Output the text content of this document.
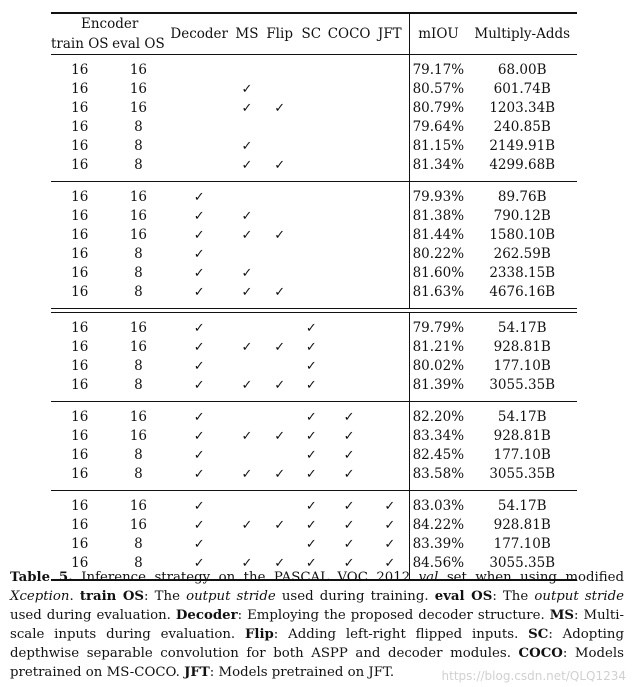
Encoder		Decoder	MS	Flip	SC	COCO	JFT	mIOU	Multiply-Adds
train OS	eval OS								

16	16							79.17%	68.00B
16	16		✓					80.57%	601.74B
16	16		✓	✓				80.79%	1203.34B
16	8							79.64%	240.85B
16	8		✓					81.15%	2149.91B
16	8		✓	✓				81.34%	4299.68B

16	16	✓						79.93%	89.76B
16	16	✓	✓					81.38%	790.12B
16	16	✓	✓	✓				81.44%	1580.10B
16	8	✓						80.22%	262.59B
16	8	✓	✓					81.60%	2338.15B
16	8	✓	✓	✓				81.63%	4676.16B

16	16	✓			✓			79.79%	54.17B
16	16	✓	✓	✓	✓			81.21%	928.81B
16	8	✓			✓			80.02%	177.10B
16	8	✓	✓	✓	✓			81.39%	3055.35B

16	16	✓			✓	✓		82.20%	54.17B
16	16	✓	✓	✓	✓	✓		83.34%	928.81B
16	8	✓			✓	✓		82.45%	177.10B
16	8	✓	✓	✓	✓	✓		83.58%	3055.35B

16	16	✓			✓	✓	✓	83.03%	54.17B
16	16	✓	✓	✓	✓	✓	✓	84.22%	928.81B
16	8	✓			✓	✓	✓	83.39%	177.10B
16	8	✓	✓	✓	✓	✓	✓	84.56%	3055.35B

Table 5. Inference strategy on the PASCAL VOC 2012 val set when using modified Xception. train OS: The output stride used during training. eval OS: The output stride used during evaluation. Decoder: Employing the proposed decoder structure. MS: Multi-scale inputs during evaluation. Flip: Adding left-right flipped inputs. SC: Adopting depthwise separable convolution for both ASPP and decoder modules. COCO: Models pretrained on MS-COCO. JFT: Models pretrained on JFT.	https://blog.csdn.net/QLQ1234
